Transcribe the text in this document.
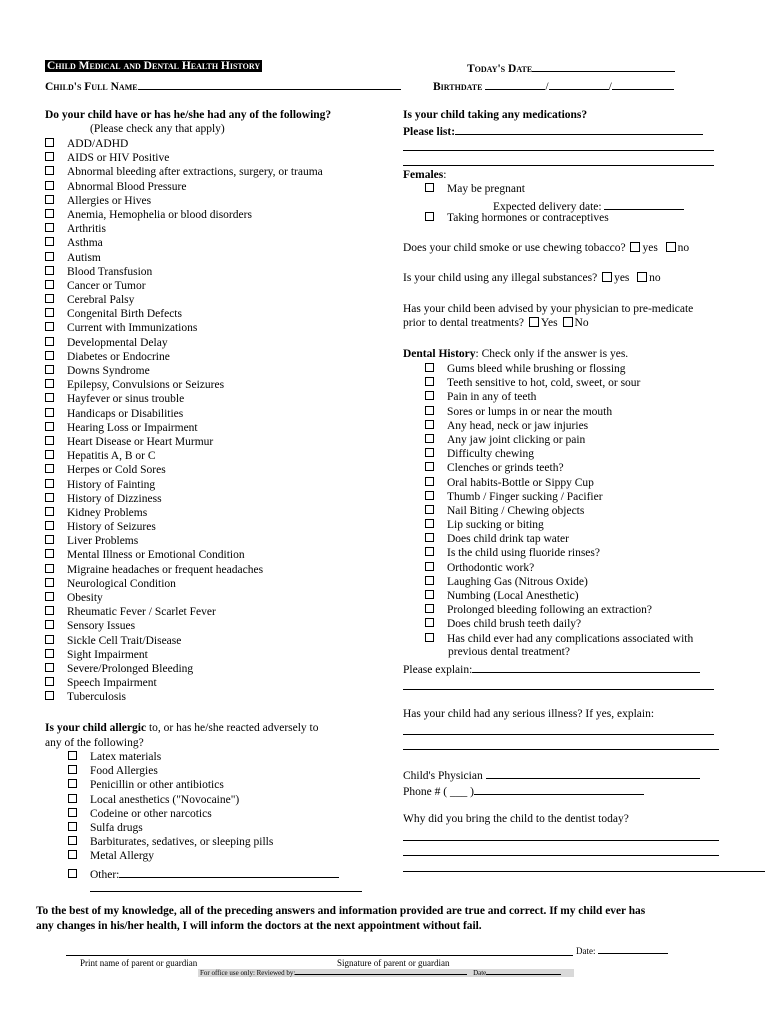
Child Medical and Dental Health History	Today's Date
Child's Full Name	Birthdate	/	/
Do your child have or has he/she had any of the following?
(Please check any that apply)
ADD/ADHD
AIDS or HIV Positive
Abnormal bleeding after extractions, surgery, or trauma
Abnormal Blood Pressure
Allergies or Hives
Anemia, Hemophelia or blood disorders
Arthritis
Asthma
Autism
Blood Transfusion
Cancer or Tumor
Cerebral Palsy
Congenital Birth Defects
Current with Immunizations
Developmental Delay
Diabetes or Endocrine
Downs Syndrome
Epilepsy, Convulsions or Seizures
Hayfever or sinus trouble
Handicaps or Disabilities
Hearing Loss or Impairment
Heart Disease or Heart Murmur
Hepatitis A, B or C
Herpes or Cold Sores
History of Fainting
History of Dizziness
Kidney Problems
History of Seizures
Liver Problems
Mental Illness or Emotional Condition
Migraine headaches or frequent headaches
Neurological Condition
Obesity
Rheumatic Fever / Scarlet Fever
Sensory Issues
Sickle Cell Trait/Disease
Sight Impairment
Severe/Prolonged Bleeding
Speech Impairment
Tuberculosis
Is your child allergic to, or has he/she reacted adversely to
any of the following?
Latex materials
Food Allergies
Penicillin or other antibiotics
Local anesthetics ("Novocaine")
Codeine or other narcotics
Sulfa drugs
Barbiturates, sedatives, or sleeping pills
Metal Allergy
Other:
Is your child taking any medications?
Please list:
Females:
May be pregnant
Expected delivery date:
Taking hormones or contraceptives
Does your child smoke or use chewing tobacco? yes no
Is your child using any illegal substances? yes no
Has your child been advised by your physician to pre-medicate
prior to dental treatments? Yes No
Dental History: Check only if the answer is yes.
Gums bleed while brushing or flossing
Teeth sensitive to hot, cold, sweet, or sour
Pain in any of teeth
Sores or lumps in or near the mouth
Any head, neck or jaw injuries
Any jaw joint clicking or pain
Difficulty chewing
Clenches or grinds teeth?
Oral habits-Bottle or Sippy Cup
Thumb / Finger sucking / Pacifier
Nail Biting / Chewing objects
Lip sucking or biting
Does child drink tap water
Is the child using fluoride rinses?
Orthodontic work?
Laughing Gas (Nitrous Oxide)
Numbing (Local Anesthetic)
Prolonged bleeding following an extraction?
Does child brush teeth daily?
Has child ever had any complications associated with
previous dental treatment?
Please explain:
Has your child had any serious illness? If yes, explain:
Child's Physician
Phone # ( ___ )
Why did you bring the child to the dentist today?
To the best of my knowledge, all of the preceding answers and information provided are true and correct. If my child ever has
any changes in his/her health, I will inform the doctors at the next appointment without fail.
Date:
Print name of parent or guardian	Signature of parent or guardian
For office use only: Reviewed by:	Date
